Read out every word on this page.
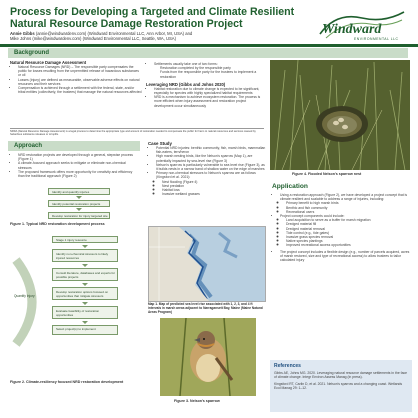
Process for Developing a Targeted and Climate Resilient Natural Resource Damage Restoration Project
Annie Gibbs (annie@windwardenv.com) (Windward Environmental LLC, Ann Arbor, MI, USA) and
Mike Johns (mike@windwardenv.com) (Windward Environmental LLC, Seattle, WA, USA)
Windward
ENVIRONMENTAL LLC
Background
Natural Resource Damage Assessment
• Natural Resource Damages (NRD) – The responsible party compensates the public for losses resulting from the unpermitted release of hazardous substances or oil
• Losses (injury) are defined as measurable, observable adverse effects on natural resources and their services
• Compensation is achieved through a settlement with the federal, state, and/or tribal entities (collectively, the trustees) that manage the natural resources affected
• Settlements usually take one of two forms:
Restoration completed by the responsible party
Funds from the responsible party for the trustees to implement a restoration
Leveraging NRD (Gibbs and Johns 2020)
• Habitat restoration due to climate change is expected to be significant, especially for species with highly specialized habitat requirements
• NRD is a mechanism to achieve ecosystem restoration. The process is more efficient when injury assessment and restoration project development occur simultaneously
NRDA (Natural Resource Damage Assessment) is a legal process to determine the appropriate type and amount of restoration needed to compensate the public for harm to natural resources and services caused by hazardous substance releases or oil spills.
Figure 4. Flooded Nelson's sparrow nest
Approach
• NRD restoration projects are developed through a general, stepwise process (Figure 1)
• A climate-focused approach seeks to mitigate or eliminate non-chemical stressors
• The proposed framework offers more opportunity for creativity and efficiency than the traditional approach (Figure 2)
Identify and quantify injuries
Identify potential restoration projects
Develop restoration for injury targeted site
Figure 1. Typical NRD restoration development process
Quantify Injury
Stage 1 injury resource
Identify non-chemical stressors to likely injured resources
Consult literature, databases and experts for possible projects
Develop restoration options focused on opportunities that mitigate stressors
Evaluate feasibility of restoration opportunities
Select project(s) to implement
Figure 2. Climate-resiliency focused NRD restoration development
Case Study
• Potential NRD injuries: benthic community, fish, marsh birds, mammalian fish-eaters, tern/heron
• High marsh nesting birds, like the Nelson's sparrow (Map 1), are potentially impacted by sea-level rise (Figure 3)
• Nelson's sparrow is particularly vulnerable to sea level rise (Figure 3), as it builds nests in a narrow band of shallow water on the edge of marshes
• Primary non-chemical stressors to Nelson's sparrow are as follows (Kingsford et al. 2021):
◦ Nest flooding (Figure 4)
◦ Nest predation
◦ Habitat loss
◦ Invasive wetland grasses
Map 1. Map of predicted sea level rise associated with 1, 2, 3, and 4 ft intervals in marsh areas adjacent to Narragansett Bay, Maine (Maine Natural Areas Program)
Figure 3. Nelson's sparrow
Application
• Using a restoration approach (Figure 2), we have developed a project concept that is climate resilient and scalable to address a range of injuries, including:
◦ Primary benefit to high marsh birds
◦ Benthic and fish community
◦ Recreational users
• Project concept components could include:
◦ Land acquisition to serve as a buffer for marsh migration
◦ Dredged material fill
◦ Dredged material removal
◦ Tide control (e.g., tide gates)
◦ Invasive grass species removal
◦ Native species plantings
◦ Improved recreational access opportunities
• The project concept includes a flexible design (e.g., number of parcels acquired, acres of marsh restored, size and type of recreational access) to allow trustees to tailor calculated injury
References
Gibbs AE, Johns MG. 2020. Leveraging natural resource damage settlements in the face of climate change. Integr Environ Assess Manag (in press).
Kingsford RT, Carlin D, et al. 2021. Nelson's sparrow and a changing coast. Wetlands Ecol Manag 29: 1–12.
